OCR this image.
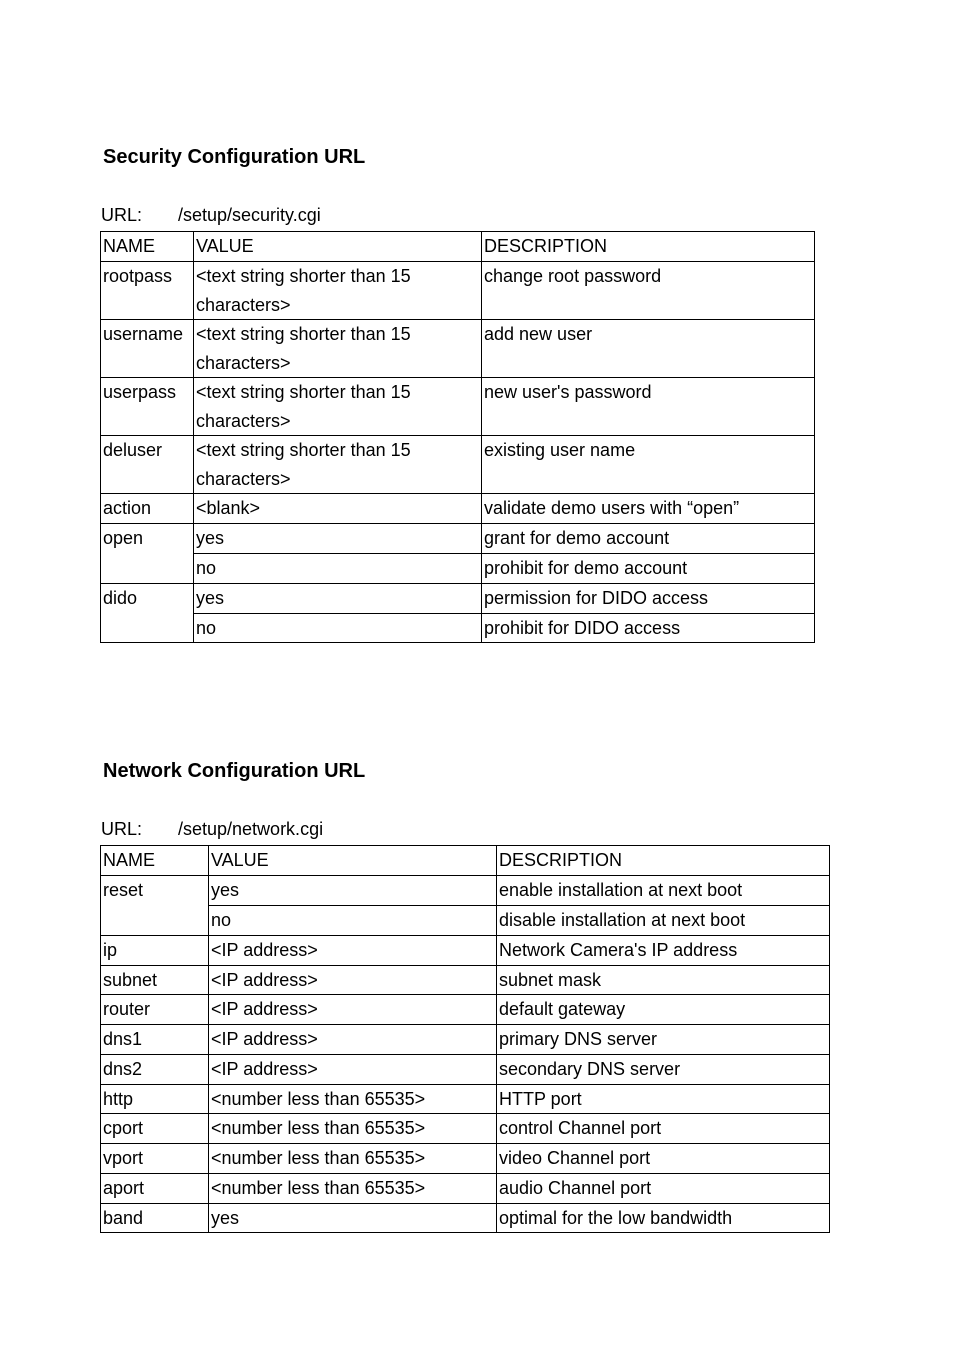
Security Configuration URL
URL: /setup/security.cgi
NAME	VALUE	DESCRIPTION
rootpass	<text string shorter than 15 characters>	change root password
username	<text string shorter than 15 characters>	add new user
userpass	<text string shorter than 15 characters>	new user's password
deluser	<text string shorter than 15 characters>	existing user name
action	<blank>	validate demo users with “open”
open	yes	grant for demo account
	no	prohibit for demo account
dido	yes	permission for DIDO access
	no	prohibit for DIDO access
Network Configuration URL
URL: /setup/network.cgi
NAME	VALUE	DESCRIPTION
reset	yes	enable installation at next boot
	no	disable installation at next boot
ip	<IP address>	Network Camera's IP address
subnet	<IP address>	subnet mask
router	<IP address>	default gateway
dns1	<IP address>	primary DNS server
dns2	<IP address>	secondary DNS server
http	<number less than 65535>	HTTP port
cport	<number less than 65535>	control Channel port
vport	<number less than 65535>	video Channel port
aport	<number less than 65535>	audio Channel port
band	yes	optimal for the low bandwidth
